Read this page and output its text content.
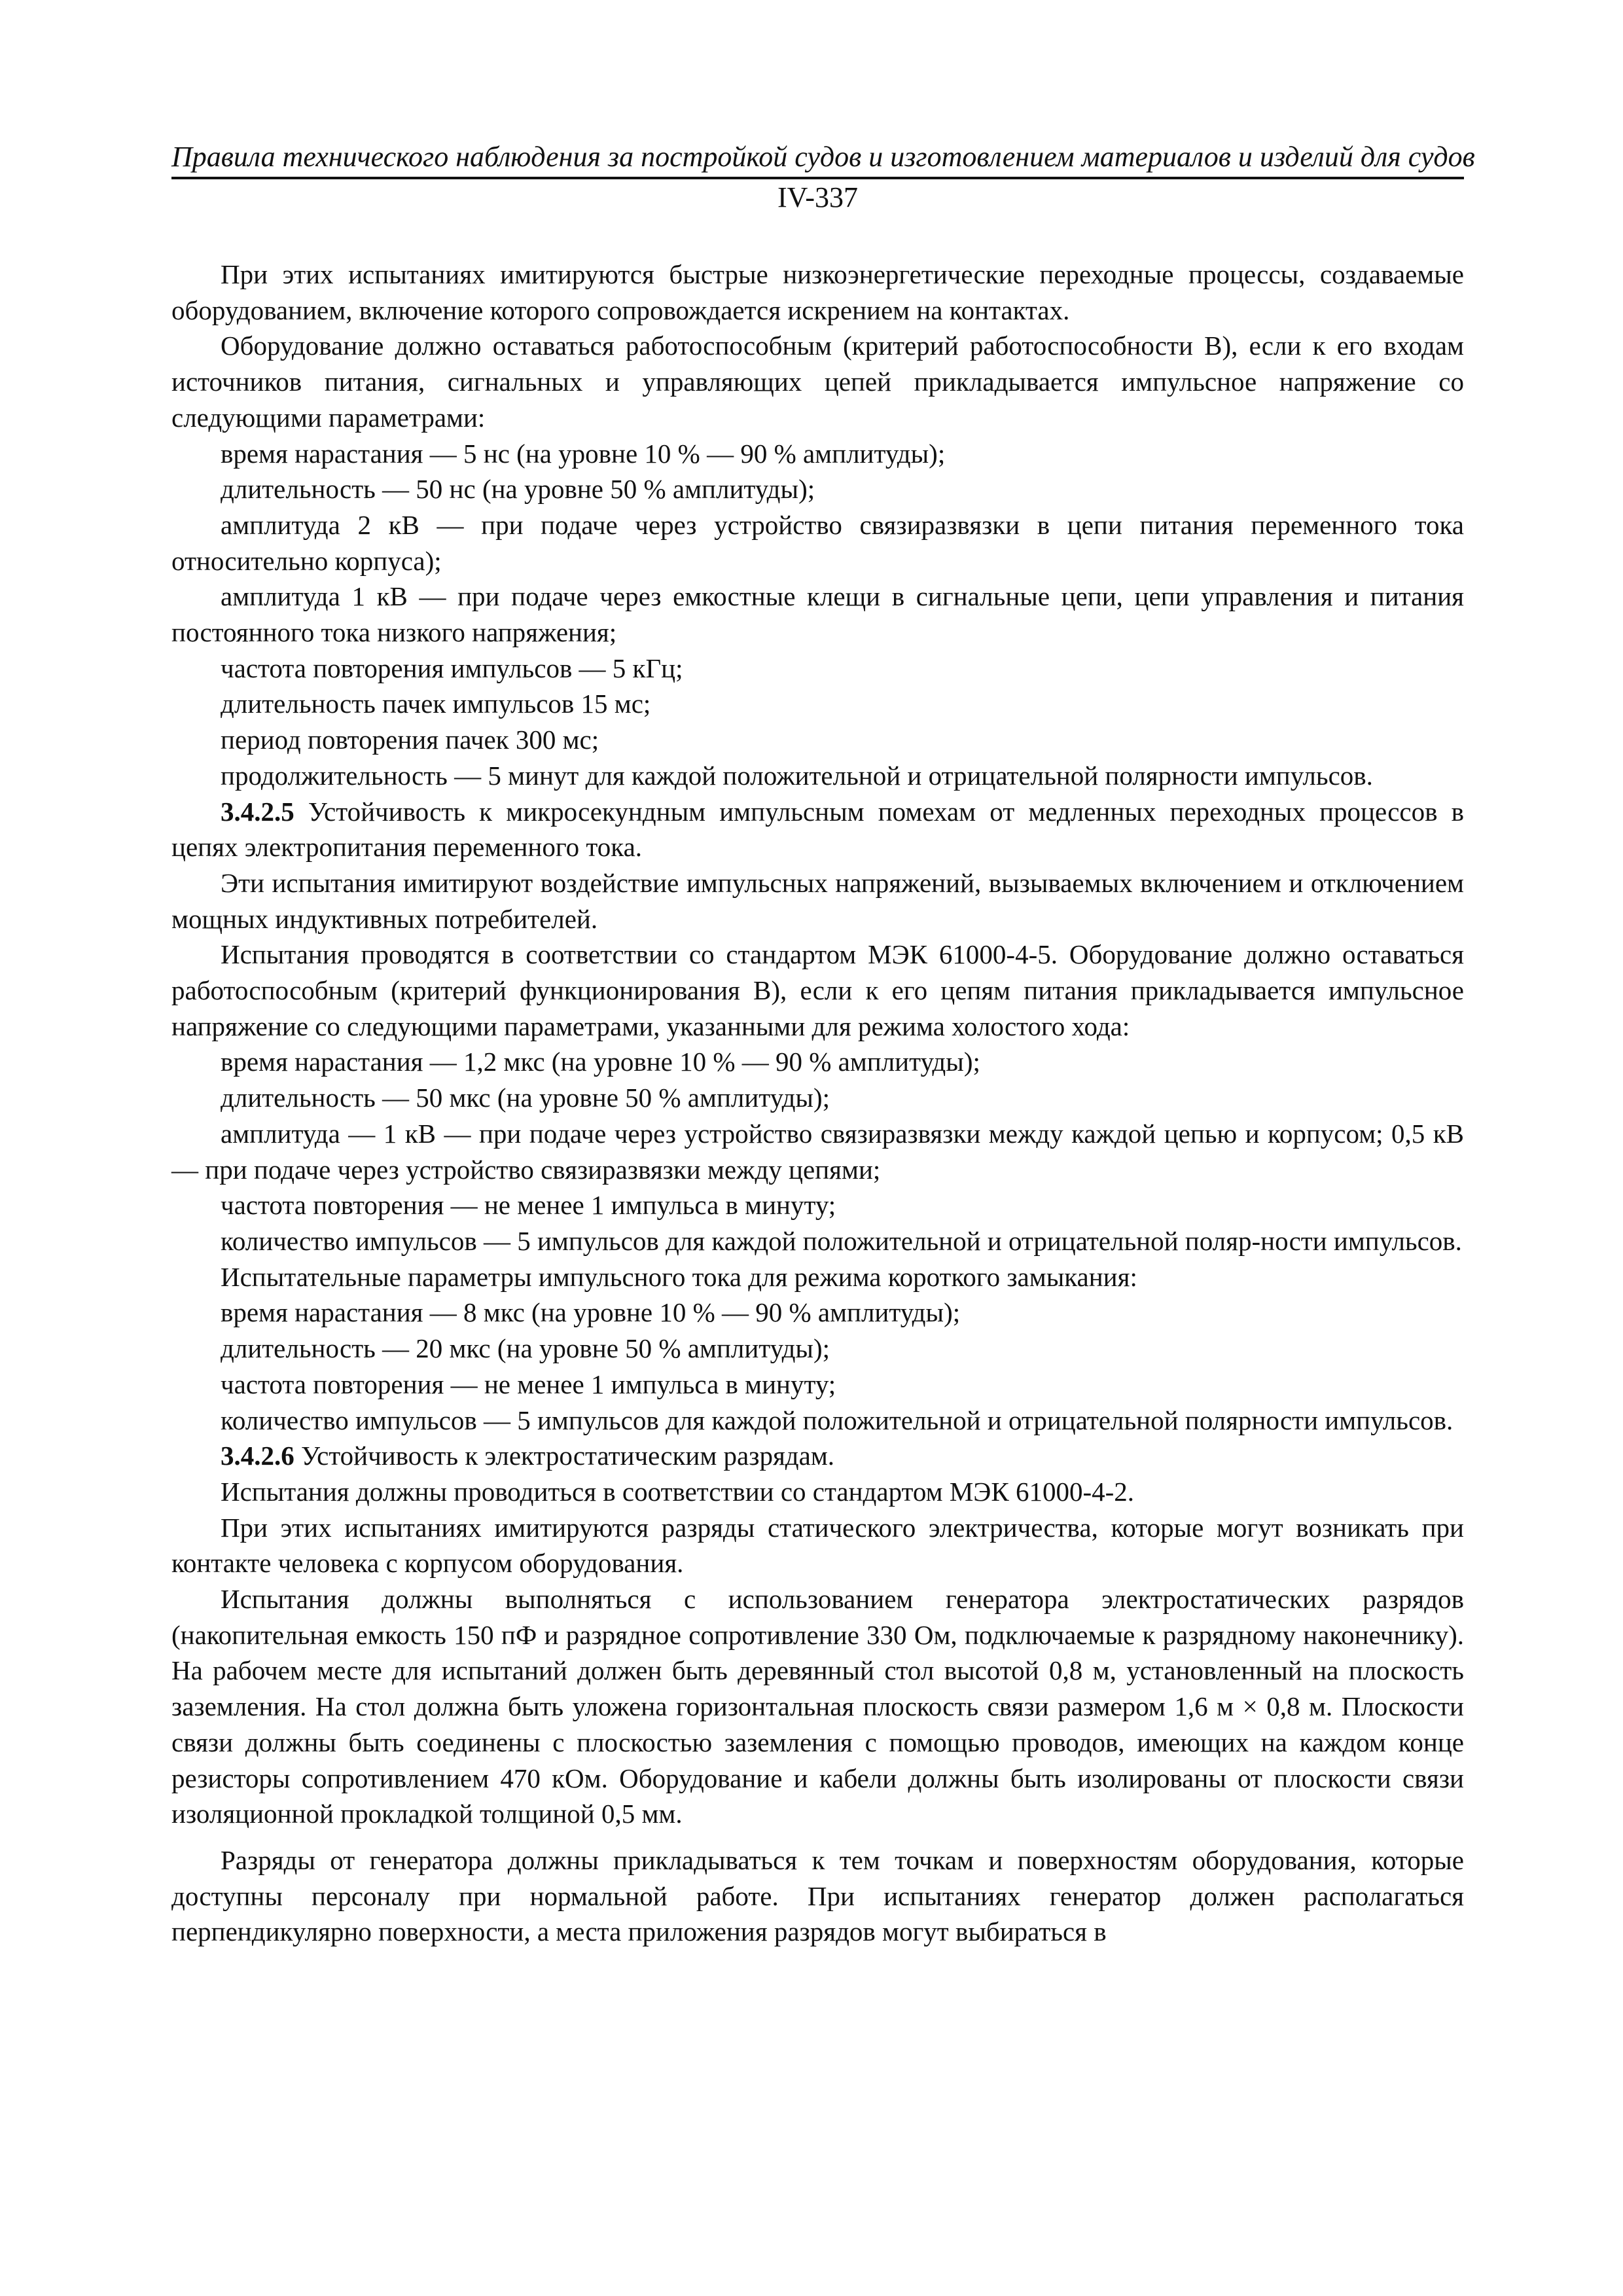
Правила технического наблюдения за постройкой судов и изготовлением материалов и изделий для судов
IV-337

При этих испытаниях имитируются быстрые низкоэнергетические переходные процессы, создаваемые оборудованием, включение которого сопровождается искрением на контактах.

Оборудование должно оставаться работоспособным (критерий работоспособности В), если к его входам источников питания, сигнальных и управляющих цепей прикладывается импульсное напряжение со следующими параметрами:

время нарастания — 5 нс (на уровне 10 % — 90 % амплитуды);

длительность — 50 нс (на уровне 50 % амплитуды);

амплитуда 2 кВ — при подаче через устройство связиразвязки в цепи питания переменного тока относительно корпуса);

амплитуда 1 кВ — при подаче через емкостные клещи в сигнальные цепи, цепи управления и питания постоянного тока низкого напряжения;

частота повторения импульсов — 5 кГц;

длительность пачек импульсов 15 мс;

период повторения пачек 300 мс;

продолжительность — 5 минут для каждой положительной и отрицательной полярности импульсов.

3.4.2.5 Устойчивость к микросекундным импульсным помехам от медленных переходных процессов в цепях электропитания переменного тока.

Эти испытания имитируют воздействие импульсных напряжений, вызываемых включением и отключением мощных индуктивных потребителей.

Испытания проводятся в соответствии со стандартом МЭК 61000-4-5. Оборудование должно оставаться работоспособным (критерий функционирования В), если к его цепям питания прикладывается импульсное напряжение со следующими параметрами, указанными для режима холостого хода:

время нарастания — 1,2 мкс (на уровне 10 % — 90 % амплитуды);

длительность — 50 мкс (на уровне 50 % амплитуды);

амплитуда — 1 кВ — при подаче через устройство связиразвязки между каждой цепью и корпусом; 0,5 кВ — при подаче через устройство связиразвязки между цепями;

частота повторения — не менее 1 импульса в минуту;

количество импульсов — 5 импульсов для каждой положительной и отрицательной поляр-ности импульсов.

Испытательные параметры импульсного тока для режима короткого замыкания:

время нарастания — 8 мкс (на уровне 10 % — 90 % амплитуды);

длительность — 20 мкс (на уровне 50 % амплитуды);

частота повторения — не менее 1 импульса в минуту;

количество импульсов — 5 импульсов для каждой положительной и отрицательной полярности импульсов.

3.4.2.6 Устойчивость к электростатическим разрядам.

Испытания должны проводиться в соответствии со стандартом МЭК 61000-4-2.

При этих испытаниях имитируются разряды статического электричества, которые могут возникать при контакте человека с корпусом оборудования.

Испытания должны выполняться с использованием генератора электростатических разрядов (накопительная емкость 150 пФ и разрядное сопротивление 330 Ом, подключаемые к разрядному наконечнику). На рабочем месте для испытаний должен быть деревянный стол высотой 0,8 м, установленный на плоскость заземления. На стол должна быть уложена горизонтальная плоскость связи размером 1,6 м × 0,8 м. Плоскости связи должны быть соединены с плоскостью заземления с помощью проводов, имеющих на каждом конце резисторы сопротивлением 470 кОм. Оборудование и кабели должны быть изолированы от плоскости связи изоляционной прокладкой толщиной 0,5 мм.

Разряды от генератора должны прикладываться к тем точкам и поверхностям оборудования, которые доступны персоналу при нормальной работе. При испытаниях генератор должен располагаться перпендикулярно поверхности, а места приложения разрядов могут выбираться в
